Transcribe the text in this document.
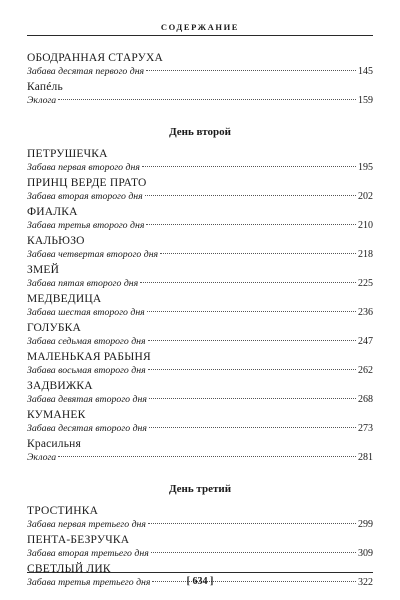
СОДЕРЖАНИЕ
ОБОДРАННАЯ СТАРУХА
Забава десятая первого дня	145
Капéль
Эклога	159
День второй
ПЕТРУШЕЧКА
Забава первая второго дня	195
ПРИНЦ ВЕРДЕ ПРАТО
Забава вторая второго дня	202
ФИАЛКА
Забава третья второго дня	210
КАЛЬЮЗО
Забава четвертая второго дня	218
ЗМЕЙ
Забава пятая второго дня	225
МЕДВЕДИЦА
Забава шестая второго дня	236
ГОЛУБКА
Забава седьмая второго дня	247
МАЛЕНЬКАЯ РАБЫНЯ
Забава восьмая второго дня	262
ЗАДВИЖКА
Забава девятая второго дня	268
КУМАНЕК
Забава десятая второго дня	273
Красильня
Эклога	281
День третий
ТРОСТИНКА
Забава первая третьего дня	299
ПЕНТА-БЕЗРУЧКА
Забава вторая третьего дня	309
СВЕТЛЫЙ ЛИК
Забава третья третьего дня	322
[ 634 ]
